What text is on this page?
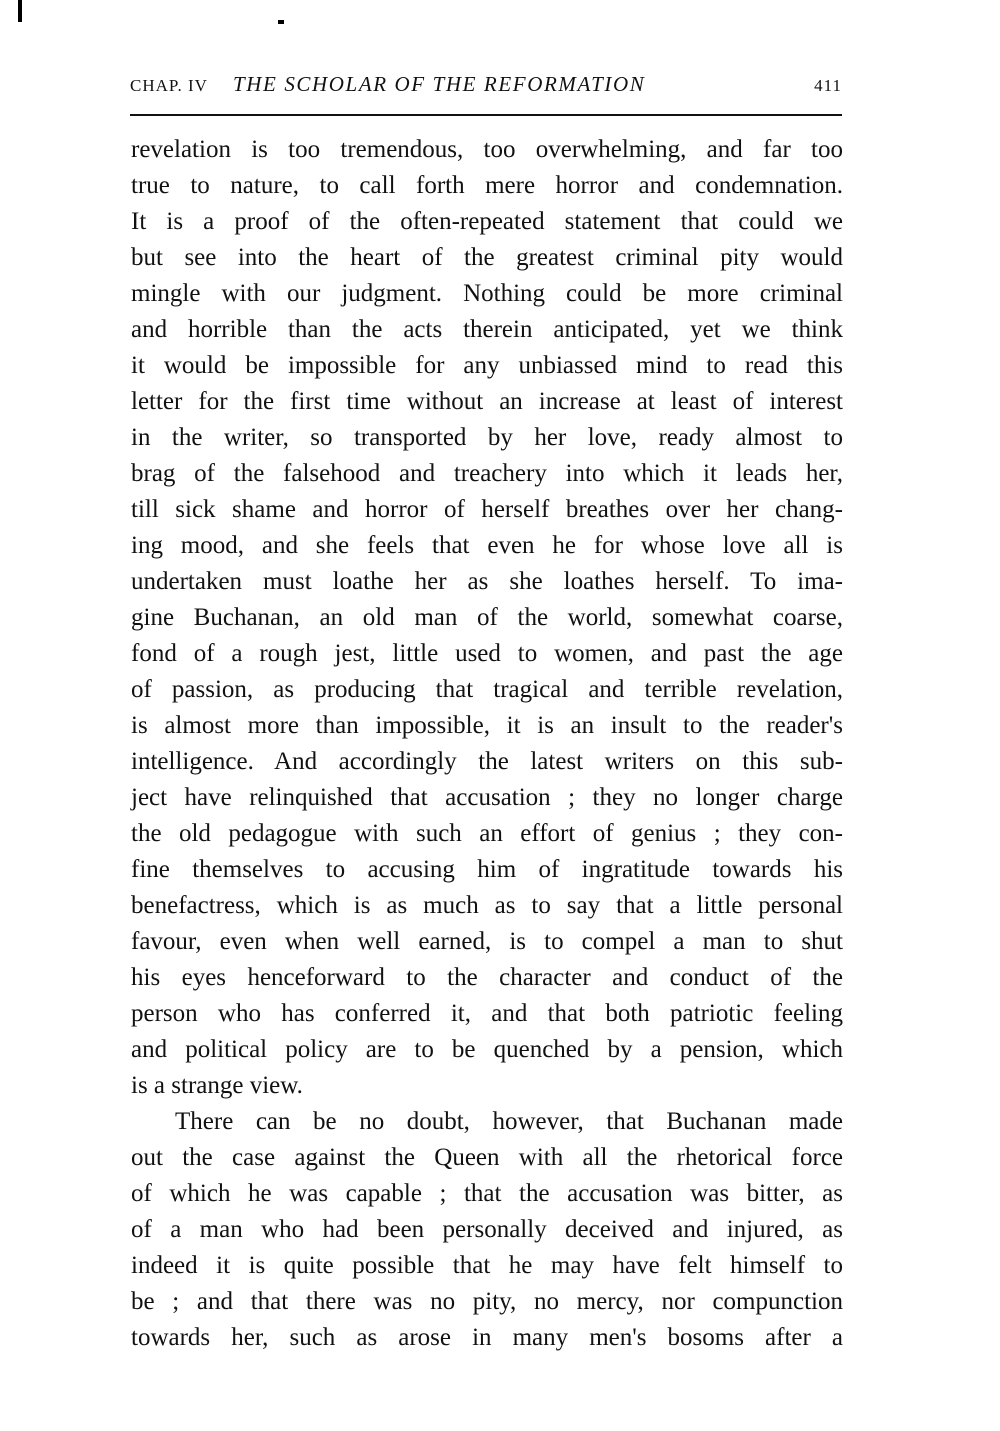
CHAP. IV THE SCHOLAR OF THE REFORMATION	411
revelation is too tremendous, too overwhelming, and far too
true to nature, to call forth mere horror and condemnation.
It is a proof of the often-repeated statement that could we
but see into the heart of the greatest criminal pity would
mingle with our judgment. Nothing could be more criminal
and horrible than the acts therein anticipated, yet we think
it would be impossible for any unbiassed mind to read this
letter for the first time without an increase at least of interest
in the writer, so transported by her love, ready almost to
brag of the falsehood and treachery into which it leads her,
till sick shame and horror of herself breathes over her chang-
ing mood, and she feels that even he for whose love all is
undertaken must loathe her as she loathes herself. To ima-
gine Buchanan, an old man of the world, somewhat coarse,
fond of a rough jest, little used to women, and past the age
of passion, as producing that tragical and terrible revelation,
is almost more than impossible, it is an insult to the reader's
intelligence. And accordingly the latest writers on this sub-
ject have relinquished that accusation ; they no longer charge
the old pedagogue with such an effort of genius ; they con-
fine themselves to accusing him of ingratitude towards his
benefactress, which is as much as to say that a little personal
favour, even when well earned, is to compel a man to shut
his eyes henceforward to the character and conduct of the
person who has conferred it, and that both patriotic feeling
and political policy are to be quenched by a pension, which
is a strange view.
There can be no doubt, however, that Buchanan made
out the case against the Queen with all the rhetorical force
of which he was capable ; that the accusation was bitter, as
of a man who had been personally deceived and injured, as
indeed it is quite possible that he may have felt himself to
be ; and that there was no pity, no mercy, nor compunction
towards her, such as arose in many men's bosoms after a
